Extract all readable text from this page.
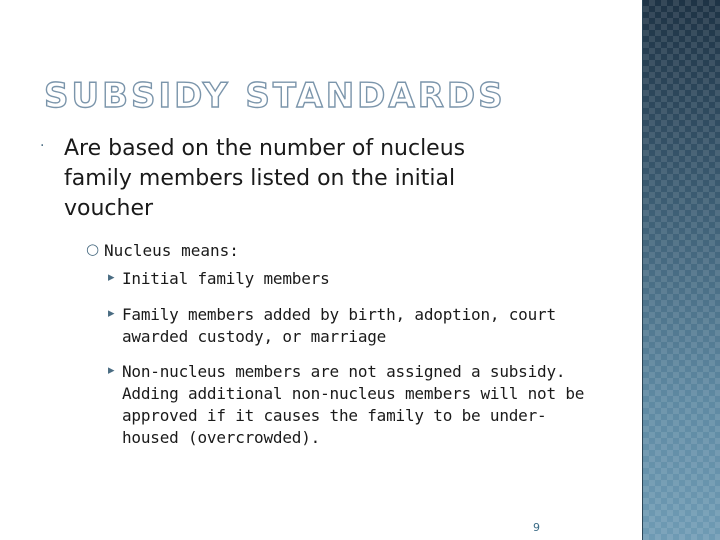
SUBSIDY STANDARDS
· Are based on the number of nucleus family members listed on the initial voucher
○ Nucleus means:
▸ Initial family members
▸ Family members added by birth, adoption, court awarded custody, or marriage
▸ Non-nucleus members are not assigned a subsidy. Adding additional non-nucleus members will not be approved if it causes the family to be under-housed (overcrowded).
9
